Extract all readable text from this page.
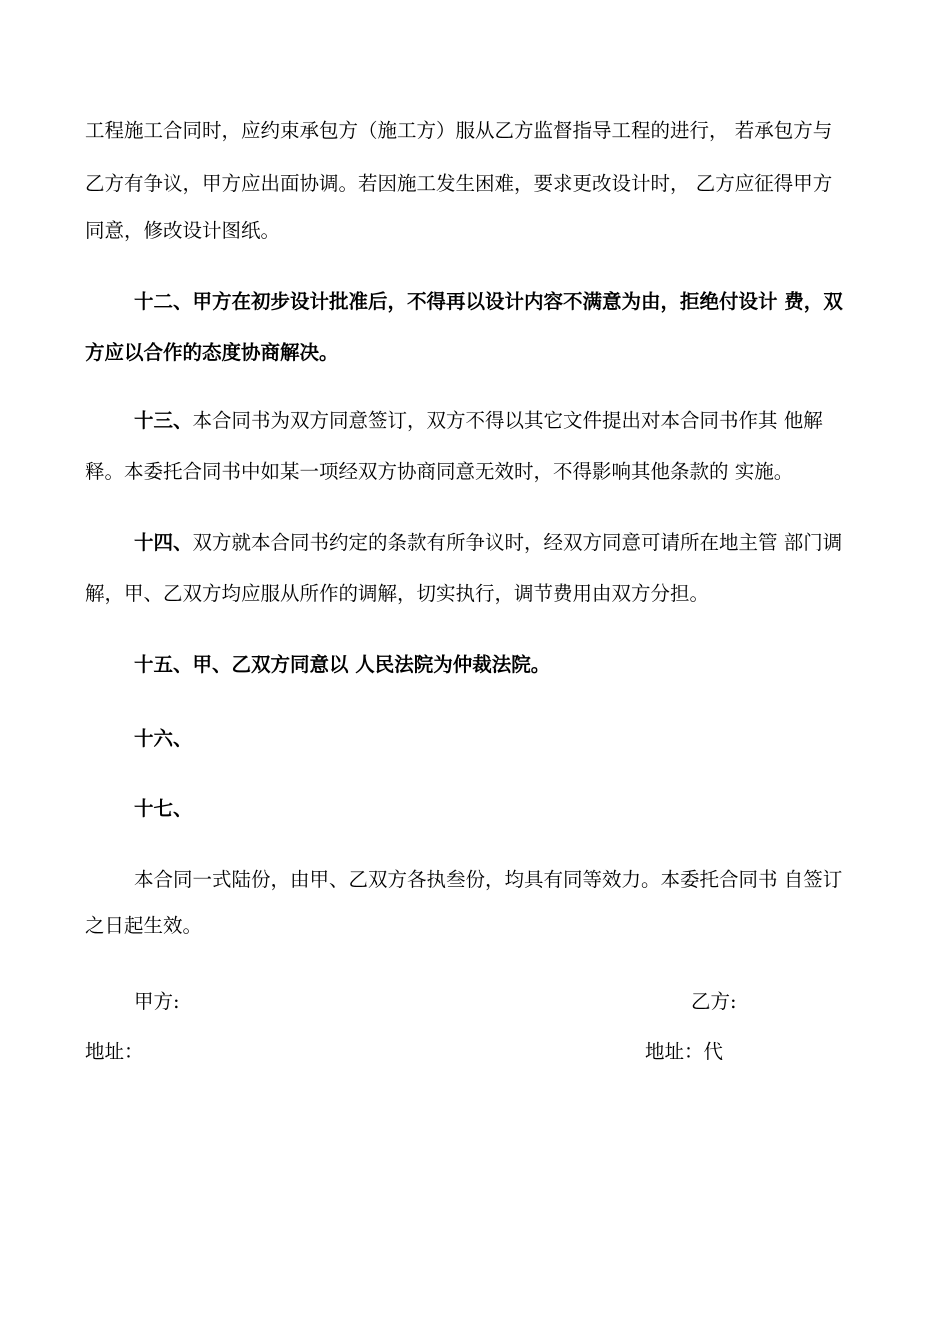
工程施工合同时，应约束承包方（施工方）服从乙方监督指导工程的进行， 若承包方与
乙方有争议，甲方应出面协调。若因施工发生困难，要求更改设计时， 乙方应征得甲方
同意，修改设计图纸。
十二、甲方在初步设计批准后，不得再以设计内容不满意为由，拒绝付设计 费，双
方应以合作的态度协商解决。
十三、本合同书为双方同意签订，双方不得以其它文件提出对本合同书作其 他解
释。本委托合同书中如某一项经双方协商同意无效时，不得影响其他条款的 实施。
十四、双方就本合同书约定的条款有所争议时，经双方同意可请所在地主管 部门调
解，甲、乙双方均应服从所作的调解，切实执行，调节费用由双方分担。
十五、甲、乙双方同意以 人民法院为仲裁法院。
十六、
十七、
本合同一式陆份，由甲、乙双方各执叁份，均具有同等效力。本委托合同书 自签订
之日起生效。
甲方:	乙方:
地址：	地址：代
